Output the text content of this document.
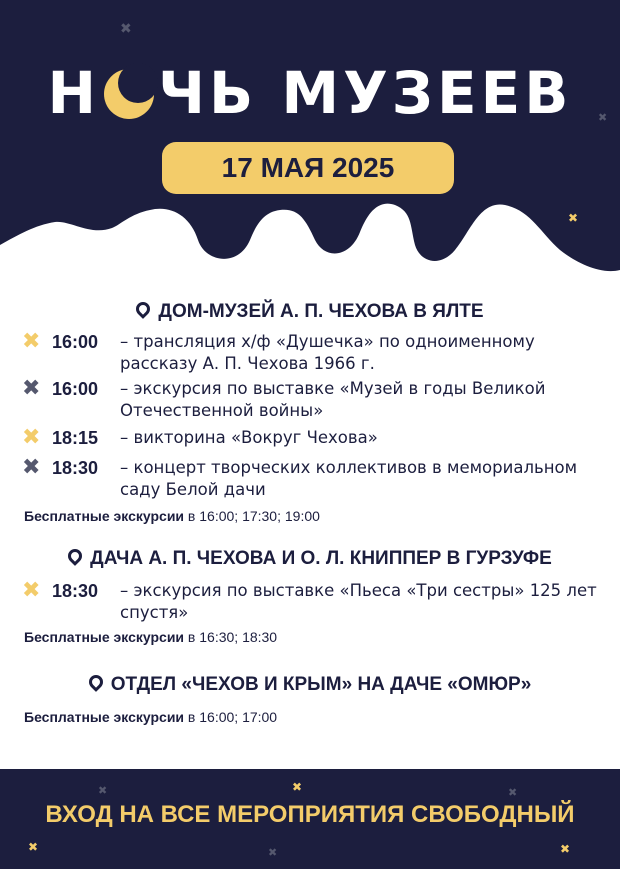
✖
✖
✖
Н ЧЬ МУЗЕЕВ
17 МАЯ 2025
ДОМ-МУЗЕЙ А. П. ЧЕХОВА В ЯЛТЕ
✖ 16:00 – трансляция х/ф «Душечка» по одноименному рассказу А. П. Чехова 1966 г.
✖ 16:00 – экскурсия по выставке «Музей в годы Великой Отечественной войны»
✖ 18:15 – викторина «Вокруг Чехова»
✖ 18:30 – концерт творческих коллективов в мемориальном саду Белой дачи
Бесплатные экскурсии в 16:00; 17:30; 19:00
ДАЧА А. П. ЧЕХОВА И О. Л. КНИППЕР В ГУРЗУФЕ
✖ 18:30 – экскурсия по выставке «Пьеса «Три сестры» 125 лет спустя»
Бесплатные экскурсии в 16:30; 18:30
ОТДЕЛ «ЧЕХОВ И КРЫМ» НА ДАЧЕ «ОМЮР»
Бесплатные экскурсии в 16:00; 17:00
✖	✖	✖
✖	✖	✖
ВХОД НА ВСЕ МЕРОПРИЯТИЯ СВОБОДНЫЙ
